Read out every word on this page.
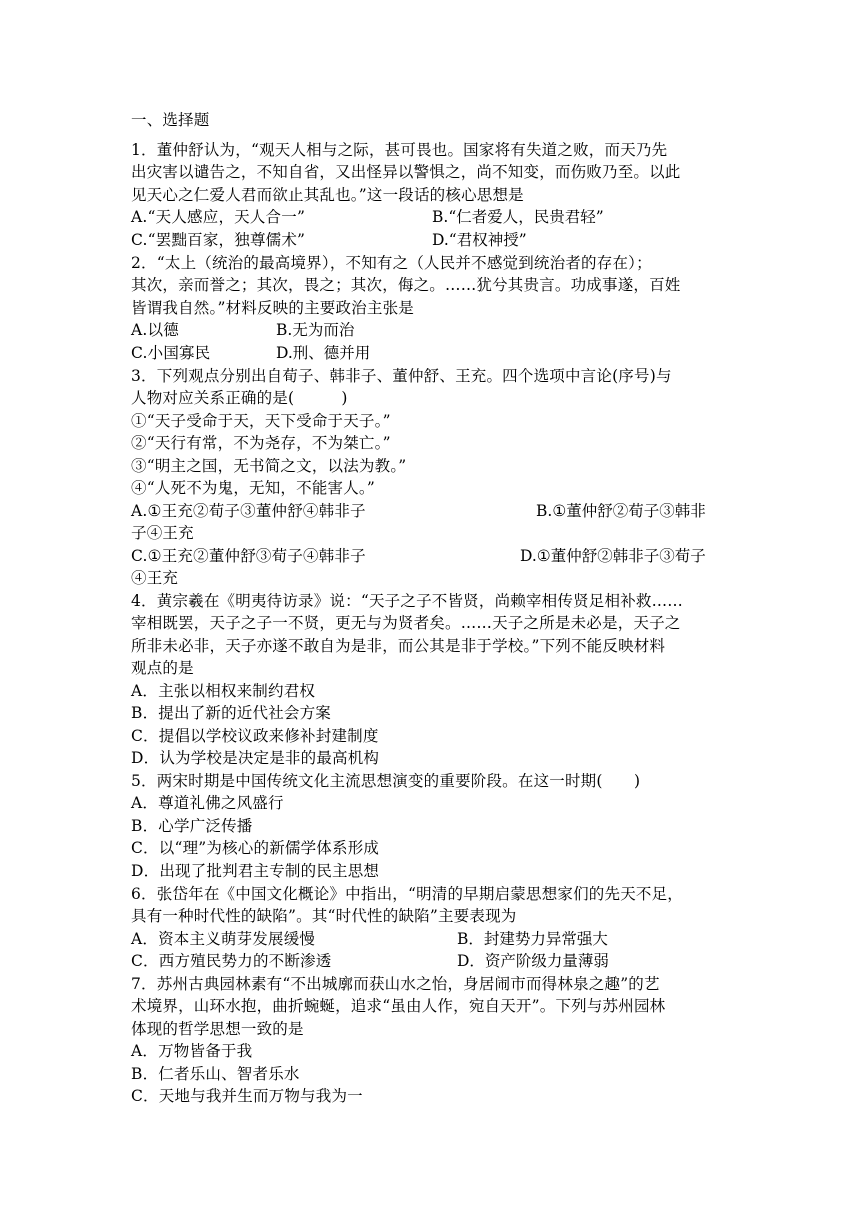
一、选择题
1．董仲舒认为，“观天人相与之际，甚可畏也。国家将有失道之败，而天乃先
出灾害以谴告之，不知自省，又出怪异以警惧之，尚不知变，而伤败乃至。以此
见天心之仁爱人君而欲止其乱也。”这一段话的核心思想是
A.“天人感应，天人合一”	B.“仁者爱人，民贵君轻”
C.“罢黜百家，独尊儒术”	D.“君权神授”
2．“太上（统治的最高境界），不知有之（人民并不感觉到统治者的存在）；
其次，亲而誉之；其次，畏之；其次，侮之。……犹兮其贵言。功成事遂，百姓
皆谓我自然。”材料反映的主要政治主张是
A.以德	B.无为而治
C.小国寡民	D.刑、德并用
3．下列观点分别出自荀子、韩非子、董仲舒、王充。四个选项中言论(序号)与
人物对应关系正确的是(　　　)
①“天子受命于天，天下受命于天子。”
②“天行有常，不为尧存，不为桀亡。”
③“明主之国，无书简之文，以法为教。”
④“人死不为鬼，无知，不能害人。”
A.①王充②荀子③董仲舒④韩非子	B.①董仲舒②荀子③韩非
子④王充
C.①王充②董仲舒③荀子④韩非子	D.①董仲舒②韩非子③荀子
④王充
4．黄宗羲在《明夷待访录》说：“天子之子不皆贤，尚赖宰相传贤足相补救……
宰相既罢，天子之子一不贤，更无与为贤者矣。……天子之所是未必是，天子之
所非未必非，天子亦遂不敢自为是非，而公其是非于学校。”下列不能反映材料
观点的是
A．主张以相权来制约君权
B．提出了新的近代社会方案
C．提倡以学校议政来修补封建制度
D．认为学校是决定是非的最高机构
5．两宋时期是中国传统文化主流思想演变的重要阶段。在这一时期(　　)
A．尊道礼佛之风盛行
B．心学广泛传播
C．以“理”为核心的新儒学体系形成
D．出现了批判君主专制的民主思想
6．张岱年在《中国文化概论》中指出，“明清的早期启蒙思想家们的先天不足，
具有一种时代性的缺陷”。其“时代性的缺陷”主要表现为
A．资本主义萌芽发展缓慢	B．封建势力异常强大
C．西方殖民势力的不断渗透	D．资产阶级力量薄弱
7．苏州古典园林素有“不出城廓而获山水之怡，身居闹市而得林泉之趣”的艺
术境界，山环水抱，曲折蜿蜒，追求“虽由人作，宛自天开”。下列与苏州园林
体现的哲学思想一致的是
A．万物皆备于我
B．仁者乐山、智者乐水
C．天地与我并生而万物与我为一
